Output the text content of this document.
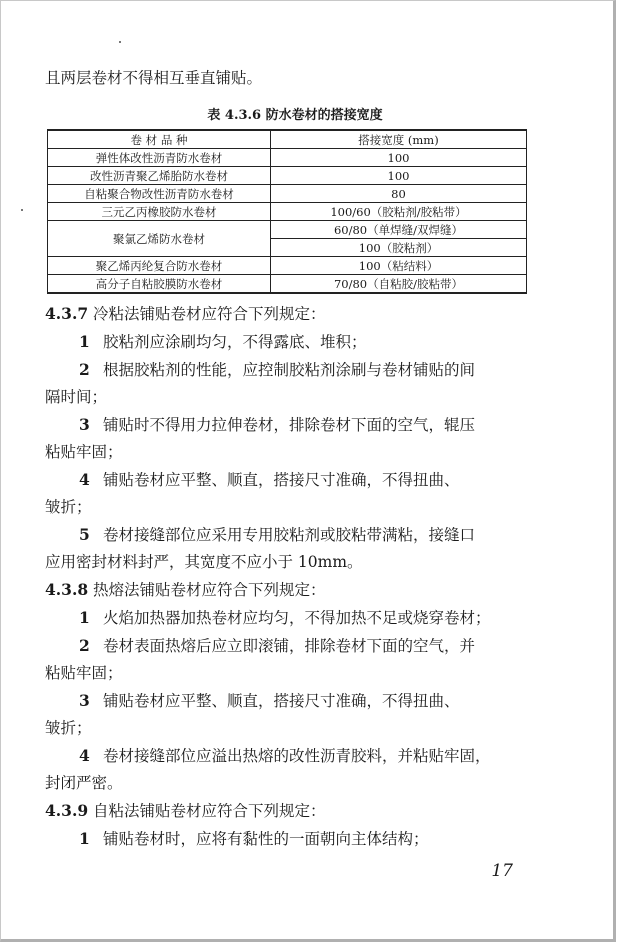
且两层卷材不得相互垂直铺贴。
表 4.3.6 防水卷材的搭接宽度
卷 材 品 种	搭接宽度 (mm)
弹性体改性沥青防水卷材	100
改性沥青聚乙烯胎防水卷材	100
自粘聚合物改性沥青防水卷材	80
三元乙丙橡胶防水卷材	100/60（胶粘剂/胶粘带）
聚氯乙烯防水卷材	60/80（单焊缝/双焊缝）
	100（胶粘剂）
聚乙烯丙纶复合防水卷材	100（粘结料）
高分子自粘胶膜防水卷材	70/80（自粘胶/胶粘带）
4.3.7 冷粘法铺贴卷材应符合下列规定：
1 胶粘剂应涂刷均匀，不得露底、堆积；
2 根据胶粘剂的性能，应控制胶粘剂涂刷与卷材铺贴的间
隔时间；
3 铺贴时不得用力拉伸卷材，排除卷材下面的空气，辊压
粘贴牢固；
4 铺贴卷材应平整、顺直，搭接尺寸准确，不得扭曲、
皱折；
5 卷材接缝部位应采用专用胶粘剂或胶粘带满粘，接缝口
应用密封材料封严，其宽度不应小于 10mm。
4.3.8 热熔法铺贴卷材应符合下列规定：
1 火焰加热器加热卷材应均匀，不得加热不足或烧穿卷材；
2 卷材表面热熔后应立即滚铺，排除卷材下面的空气，并
粘贴牢固；
3 铺贴卷材应平整、顺直，搭接尺寸准确，不得扭曲、
皱折；
4 卷材接缝部位应溢出热熔的改性沥青胶料，并粘贴牢固，
封闭严密。
4.3.9 自粘法铺贴卷材应符合下列规定：
1 铺贴卷材时，应将有黏性的一面朝向主体结构；
17
